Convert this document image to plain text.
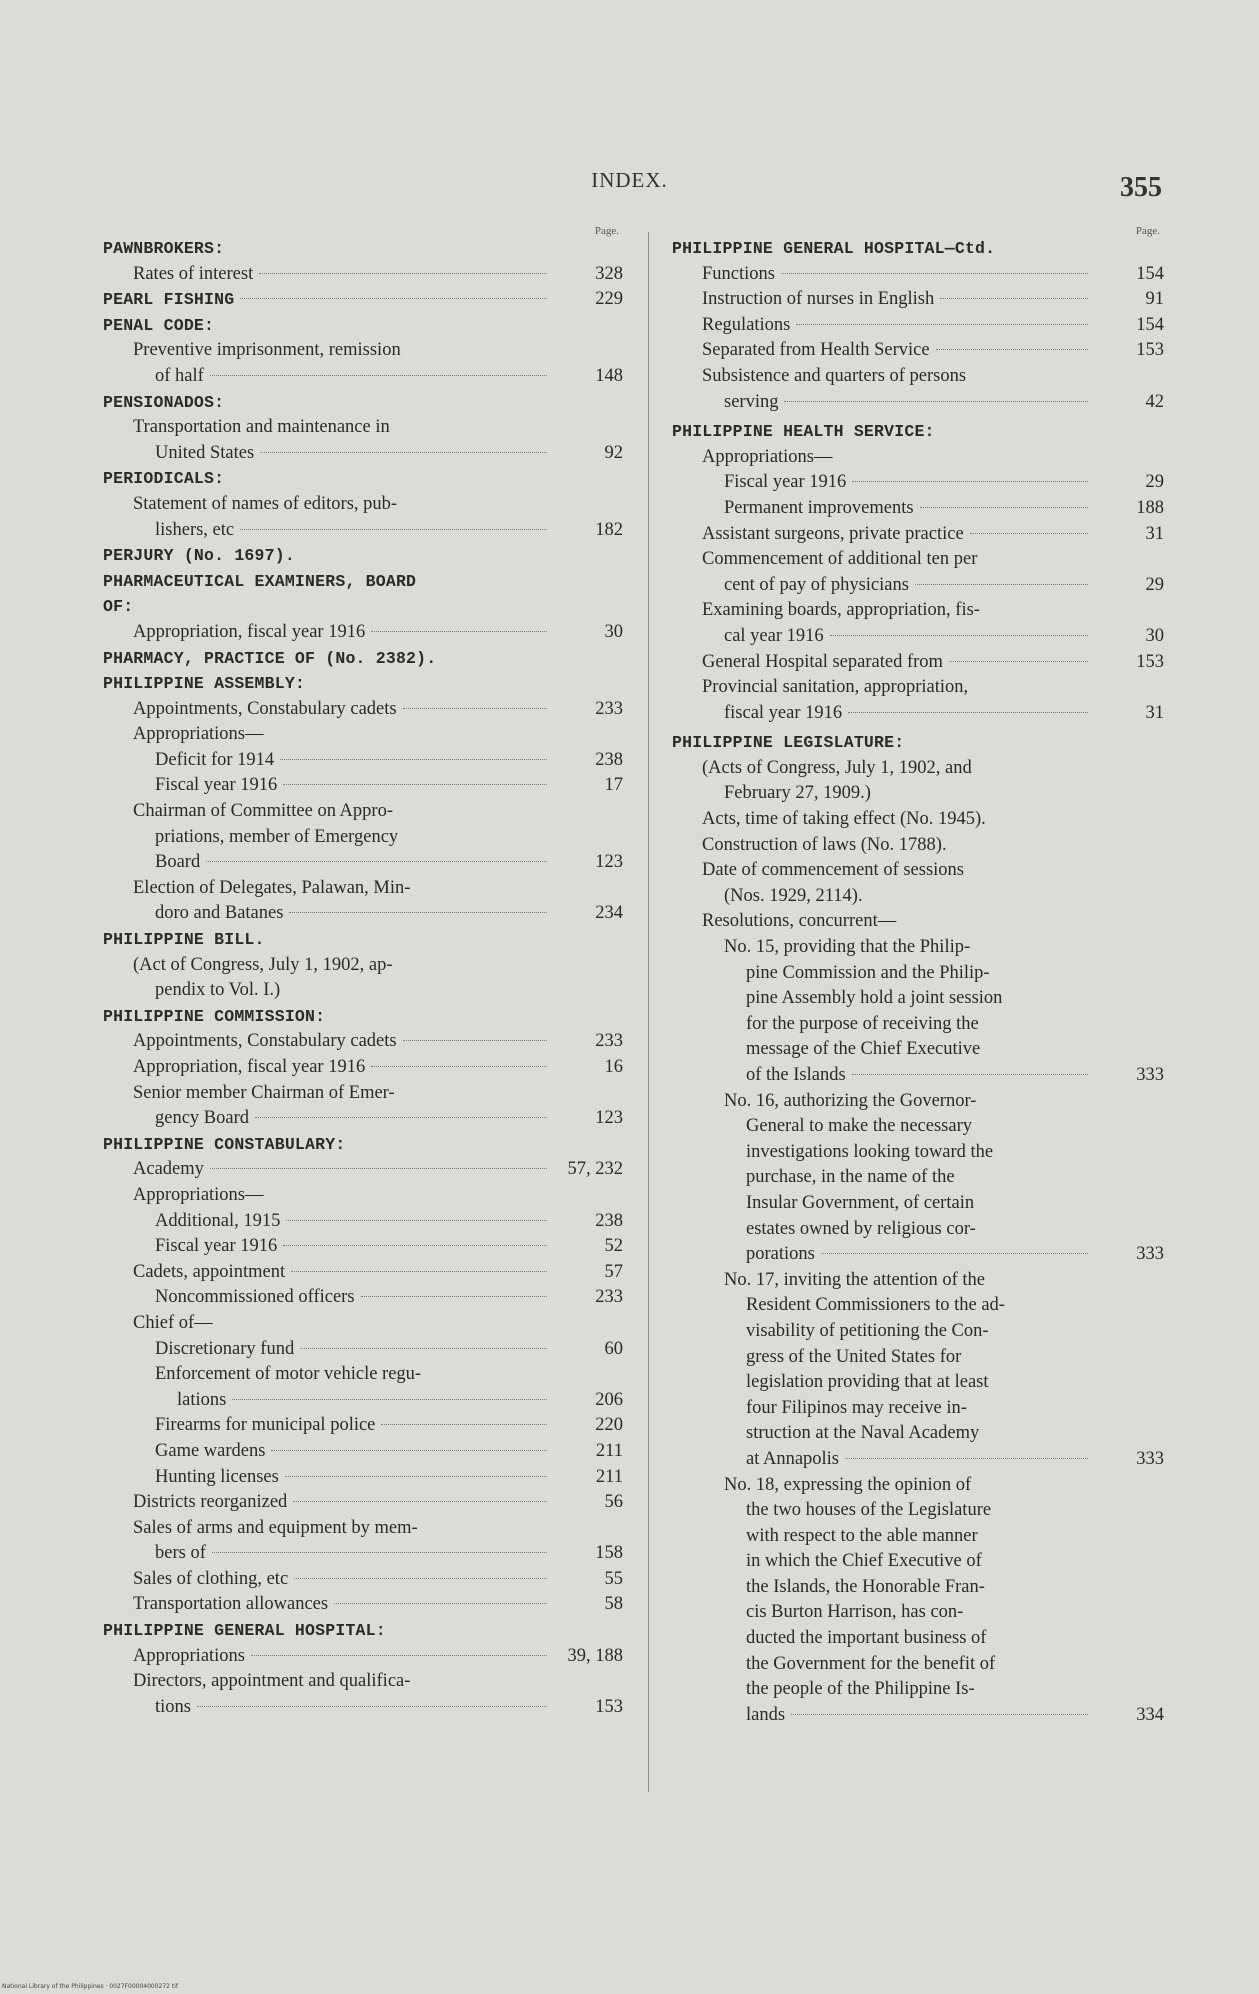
INDEX.	355
Page.
PAWNBROKERS:
Rates of interest	328
PEARL FISHING	229
PENAL CODE:
Preventive imprisonment, remission
of half	148
PENSIONADOS:
Transportation and maintenance in
United States	92
PERIODICALS:
Statement of names of editors, pub-
lishers, etc	182
PERJURY (No. 1697).
PHARMACEUTICAL EXAMINERS, BOARD
OF:
Appropriation, fiscal year 1916	30
PHARMACY, PRACTICE OF (No. 2382).
PHILIPPINE ASSEMBLY:
Appointments, Constabulary cadets	233
Appropriations—
Deficit for 1914	238
Fiscal year 1916	17
Chairman of Committee on Appro-
priations, member of Emergency
Board	123
Election of Delegates, Palawan, Min-
doro and Batanes	234
PHILIPPINE BILL.
(Act of Congress, July 1, 1902, ap-
pendix to Vol. I.)
PHILIPPINE COMMISSION:
Appointments, Constabulary cadets	233
Appropriation, fiscal year 1916	16
Senior member Chairman of Emer-
gency Board	123
PHILIPPINE CONSTABULARY:
Academy	57, 232
Appropriations—
Additional, 1915	238
Fiscal year 1916	52
Cadets, appointment	57
Noncommissioned officers	233
Chief of—
Discretionary fund	60
Enforcement of motor vehicle regu-
lations	206
Firearms for municipal police	220
Game wardens	211
Hunting licenses	211
Districts reorganized	56
Sales of arms and equipment by mem-
bers of	158
Sales of clothing, etc	55
Transportation allowances	58
PHILIPPINE GENERAL HOSPITAL:
Appropriations	39, 188
Directors, appointment and qualifica-
tions	153
Page.
PHILIPPINE GENERAL HOSPITAL—Ctd.
Functions	154
Instruction of nurses in English	91
Regulations	154
Separated from Health Service	153
Subsistence and quarters of persons
serving	42
PHILIPPINE HEALTH SERVICE:
Appropriations—
Fiscal year 1916	29
Permanent improvements	188
Assistant surgeons, private practice	31
Commencement of additional ten per
cent of pay of physicians	29
Examining boards, appropriation, fis-
cal year 1916	30
General Hospital separated from	153
Provincial sanitation, appropriation,
fiscal year 1916	31
PHILIPPINE LEGISLATURE:
(Acts of Congress, July 1, 1902, and
February 27, 1909.)
Acts, time of taking effect (No. 1945).
Construction of laws (No. 1788).
Date of commencement of sessions
(Nos. 1929, 2114).
Resolutions, concurrent—
No. 15, providing that the Philip-
pine Commission and the Philip-
pine Assembly hold a joint session
for the purpose of receiving the
message of the Chief Executive
of the Islands	333
No. 16, authorizing the Governor-
General to make the necessary
investigations looking toward the
purchase, in the name of the
Insular Government, of certain
estates owned by religious cor-
porations	333
No. 17, inviting the attention of the
Resident Commissioners to the ad-
visability of petitioning the Con-
gress of the United States for
legislation providing that at least
four Filipinos may receive in-
struction at the Naval Academy
at Annapolis	333
No. 18, expressing the opinion of
the two houses of the Legislature
with respect to the able manner
in which the Chief Executive of
the Islands, the Honorable Fran-
cis Burton Harrison, has con-
ducted the important business of
the Government for the benefit of
the people of the Philippine Is-
lands	334
National Library of the Philippines · 0027F00004000272 tif
